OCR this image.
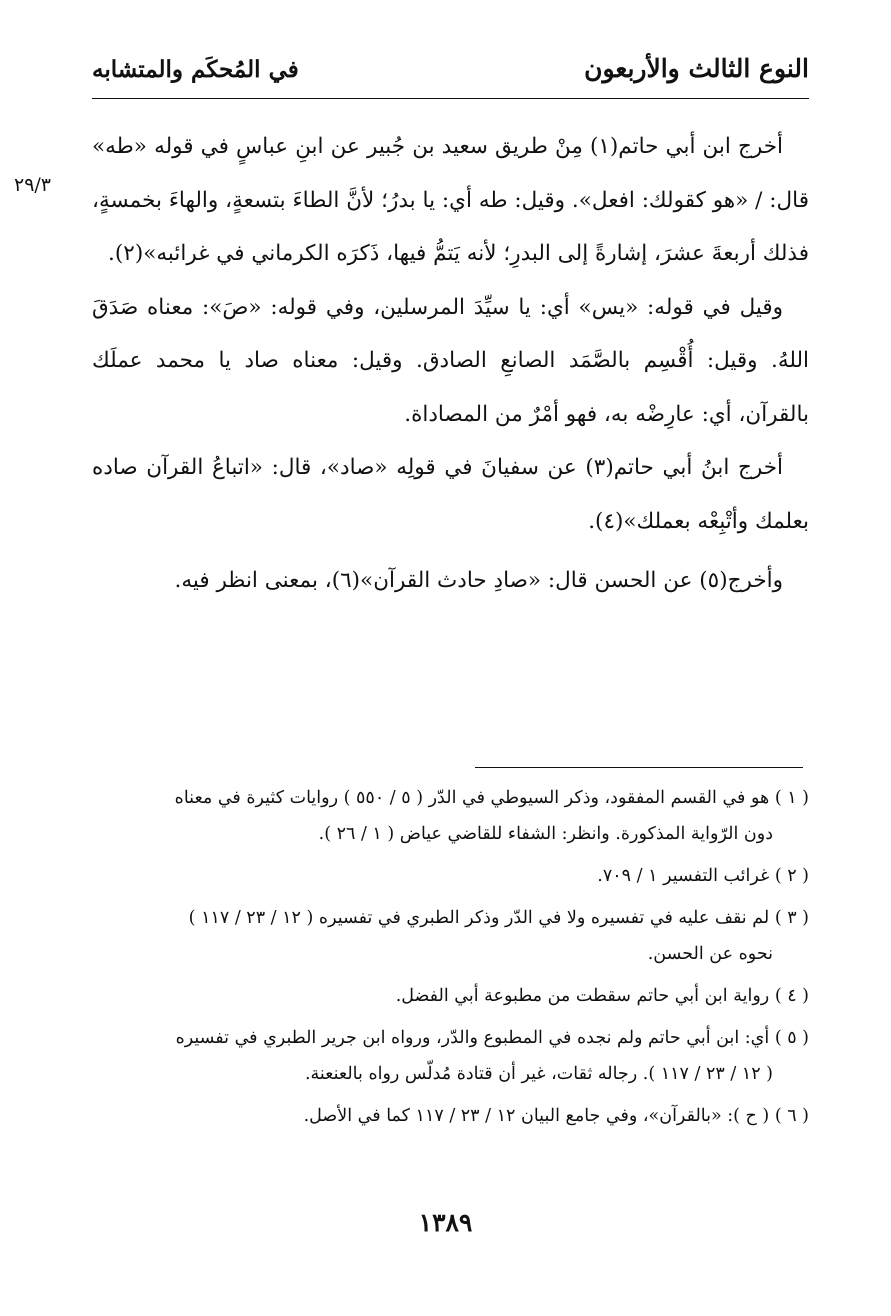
النوع الثالث والأربعون
في المُحكَم والمتشابه
٢٩/٣

أخرج ابن أبي حاتم(١) مِنْ طريق سعيد بن جُبير عن ابنِ عباسٍ في قوله «طه» قال: / «هو كقولك: افعل». وقيل: طه أي: يا بدرُ؛ لأنَّ الطاءَ بتسعةٍ، والهاءَ بخمسةٍ، فذلك أربعةَ عشرَ، إشارةً إلى البدرِ؛ لأنه يَتمُّ فيها، ذَكرَه الكرماني في غرائبه»(٢).

وقيل في قوله: «يس» أي: يا سيِّدَ المرسلين، وفي قوله: «صَ»: معناه صَدَقَ اللهُ. وقيل: أُقْسِم بالصَّمَد الصانعِ الصادق. وقيل: معناه صاد يا محمد عملَك بالقرآن، أي: عارِضْه به، فهو أمْرٌ من المصاداة.

أخرج ابنُ أبي حاتم(٣) عن سفيانَ في قولِه «صاد»، قال: «اتباعُ القرآن صاده بعلمك وأتْبِعْه بعملك»(٤).

وأخرج(٥) عن الحسن قال: «صادِ حادث القرآن»(٦)، بمعنى انظر فيه.

( ١ ) هو في القسم المفقود، وذكر السيوطي في الدّر ( ٥ / ٥٥٠ ) روايات كثيرة في معناه
دون الرّواية المذكورة. وانظر: الشفاء للقاضي عياض ( ١ / ٢٦ ).
( ٢ ) غرائب التفسير ١ / ٧٠٩.
( ٣ ) لم نقف عليه في تفسيره ولا في الدّر وذكر الطبري في تفسيره ( ١٢ / ٢٣ / ١١٧ )
نحوه عن الحسن.
( ٤ ) رواية ابن أبي حاتم سقطت من مطبوعة أبي الفضل.
( ٥ ) أي: ابن أبي حاتم ولم نجده في المطبوع والدّر، ورواه ابن جرير الطبري في تفسيره
( ١٢ / ٢٣ / ١١٧ ). رجاله ثقات، غير أن قتادة مُدلّس رواه بالعنعنة.
( ٦ ) ( ح ): «بالقرآن»، وفي جامع البيان ١٢ / ٢٣ / ١١٧ كما في الأصل.
١٣٨٩
